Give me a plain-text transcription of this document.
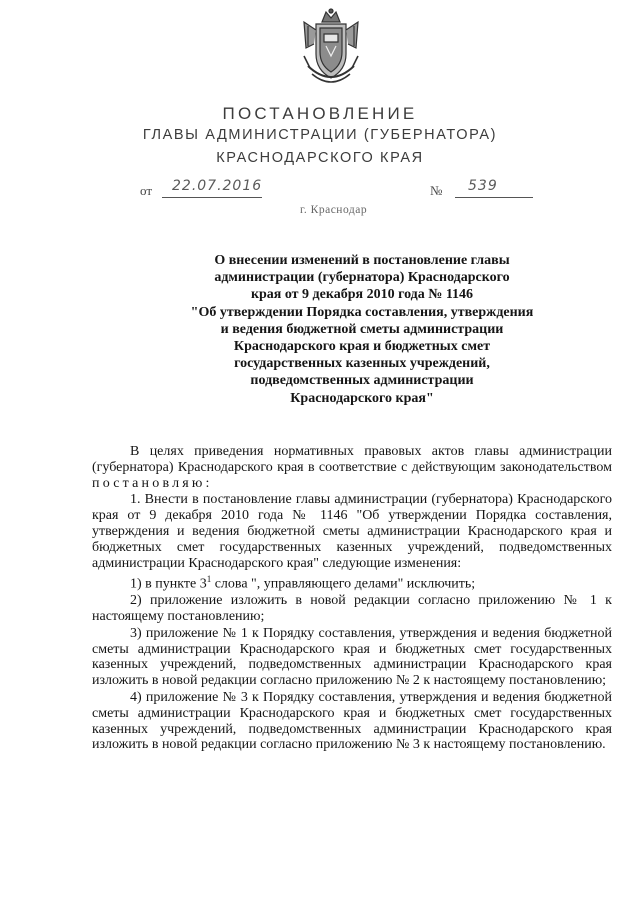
ПОСТАНОВЛЕНИЕ
ГЛАВЫ АДМИНИСТРАЦИИ (ГУБЕРНАТОРА)
КРАСНОДАРСКОГО КРАЯ
от 22.07.2016	№ 539
г. Краснодар
О внесении изменений в постановление главы
администрации (губернатора) Краснодарского
края от 9 декабря 2010 года № 1146
"Об утверждении Порядка составления, утверждения
и ведения бюджетной сметы администрации
Краснодарского края и бюджетных смет
государственных казенных учреждений,
подведомственных администрации
Краснодарского края"

В целях приведения нормативных правовых актов главы администрации (губернатора) Краснодарского края в соответствие с действующим законодательством постановляю:

1. Внести в постановление главы администрации (губернатора) Краснодарского края от 9 декабря 2010 года № 1146 "Об утверждении Порядка составления, утверждения и ведения бюджетной сметы администрации Краснодарского края и бюджетных смет государственных казенных учреждений, подведомственных администрации Краснодарского края" следующие изменения:

1) в пункте $3^1$ слова ", управляющего делами" исключить;

2) приложение изложить в новой редакции согласно приложению № 1 к настоящему постановлению;

3) приложение № 1 к Порядку составления, утверждения и ведения бюджетной сметы администрации Краснодарского края и бюджетных смет государственных казенных учреждений, подведомственных администрации Краснодарского края изложить в новой редакции согласно приложению № 2 к настоящему постановлению;

4) приложение № 3 к Порядку составления, утверждения и ведения бюджетной сметы администрации Краснодарского края и бюджетных смет государственных казенных учреждений, подведомственных администрации Краснодарского края изложить в новой редакции согласно приложению № 3 к настоящему постановлению.
